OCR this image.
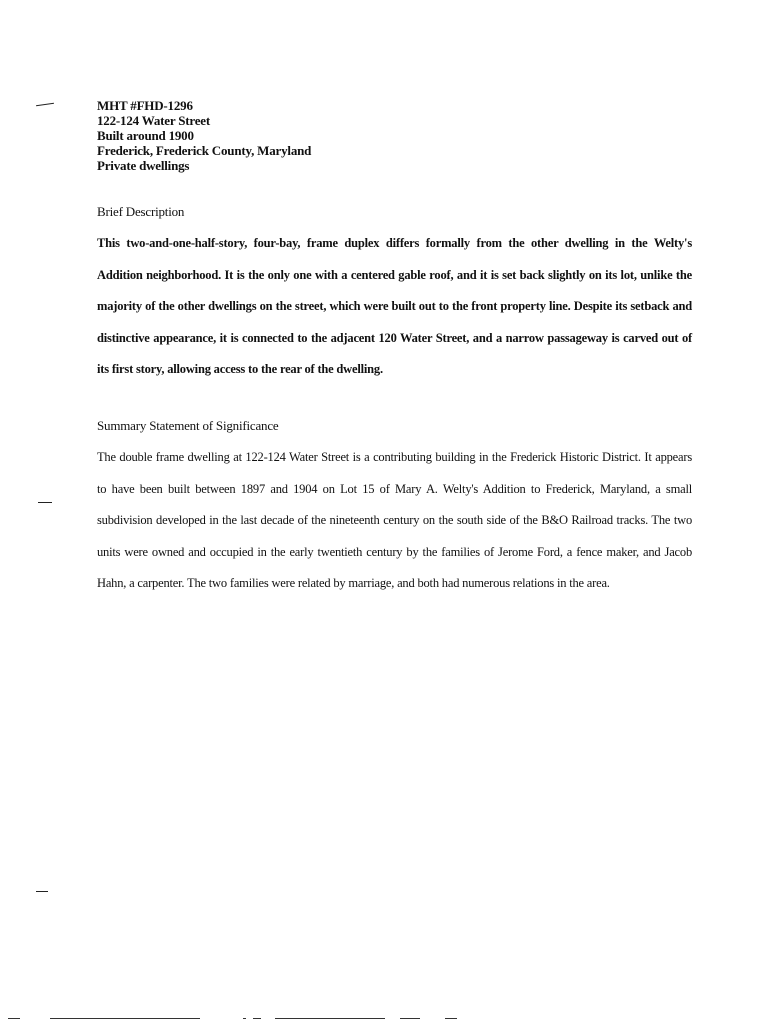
MHT #FHD-1296
122-124 Water Street
Built around 1900
Frederick, Frederick County, Maryland
Private dwellings
Brief Description
This two-and-one-half-story, four-bay, frame duplex differs formally from the other dwelling in the Welty's Addition neighborhood. It is the only one with a centered gable roof, and it is set back slightly on its lot, unlike the majority of the other dwellings on the street, which were built out to the front property line. Despite its setback and distinctive appearance, it is connected to the adjacent 120 Water Street, and a narrow passageway is carved out of its first story, allowing access to the rear of the dwelling.
Summary Statement of Significance
The double frame dwelling at 122-124 Water Street is a contributing building in the Frederick Historic District. It appears to have been built between 1897 and 1904 on Lot 15 of Mary A. Welty's Addition to Frederick, Maryland, a small subdivision developed in the last decade of the nineteenth century on the south side of the B&O Railroad tracks. The two units were owned and occupied in the early twentieth century by the families of Jerome Ford, a fence maker, and Jacob Hahn, a carpenter. The two families were related by marriage, and both had numerous relations in the area.
